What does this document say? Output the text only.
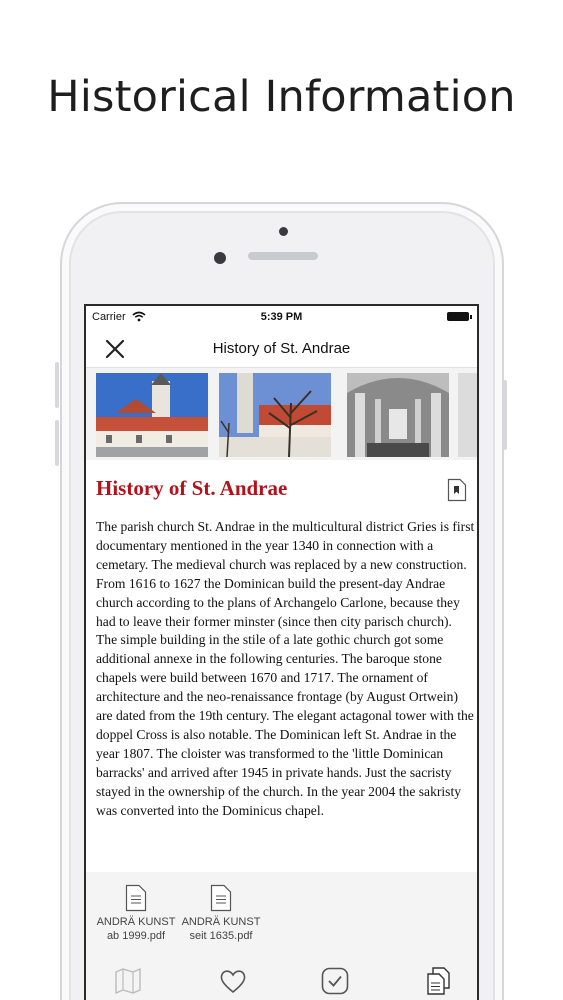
Historical Information
Carrier	5:39 PM
History of St. Andrae
History of St. Andrae
The parish church St. Andrae in the multicultural district Gries is first documentary mentioned in the year 1340 in connection with a cemetary. The medieval church was replaced by a new construction. From 1616 to 1627 the Dominican build the present-day Andrae church according to the plans of Archangelo Carlone, because they had to leave their former minster (since then city parisch church). The simple building in the stile of a late gothic church got some additional annexe in the following centuries. The baroque stone chapels were build between 1670 and 1717. The ornament of architecture and the neo-renaissance frontage (by August Ortwein) are dated from the 19th century. The elegant actagonal tower with the doppel Cross is also notable. The Dominican left St. Andrae in the year 1807. The cloister was transformed to the 'little Dominican barracks' and arrived after 1945 in private hands. Just the sacristy stayed in the ownership of the church. In the year 2004 the sakristy was converted into the Dominicus chapel.
ANDRÄ KUNST ab 1999.pdf
ANDRÄ KUNST seit 1635.pdf
